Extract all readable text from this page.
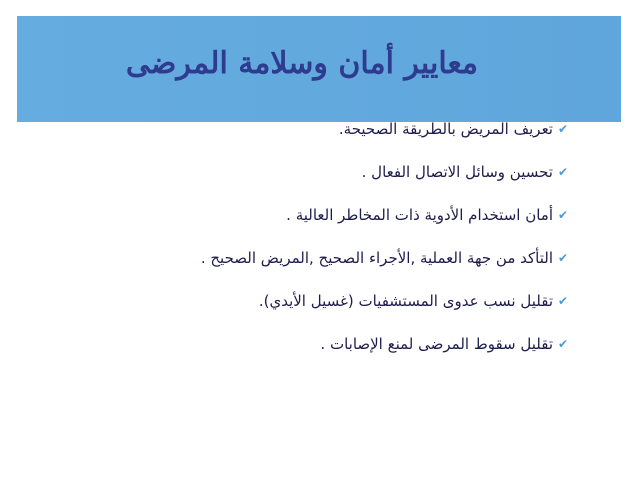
معايير أمان وسلامة المرضى
✔
تعريف المريض بالطريقة الصحيحة.
✔
تحسين وسائل الاتصال الفعال .
✔
أمان استخدام الأدوية ذات المخاطر العالية .
✔
التأكد من جهة العملية ,الأجراء الصحيح ,المريض الصحيح .
✔
تقليل نسب عدوى المستشفيات (غسيل الأيدي).
✔
تقليل سقوط المرضى لمنع الإصابات .
